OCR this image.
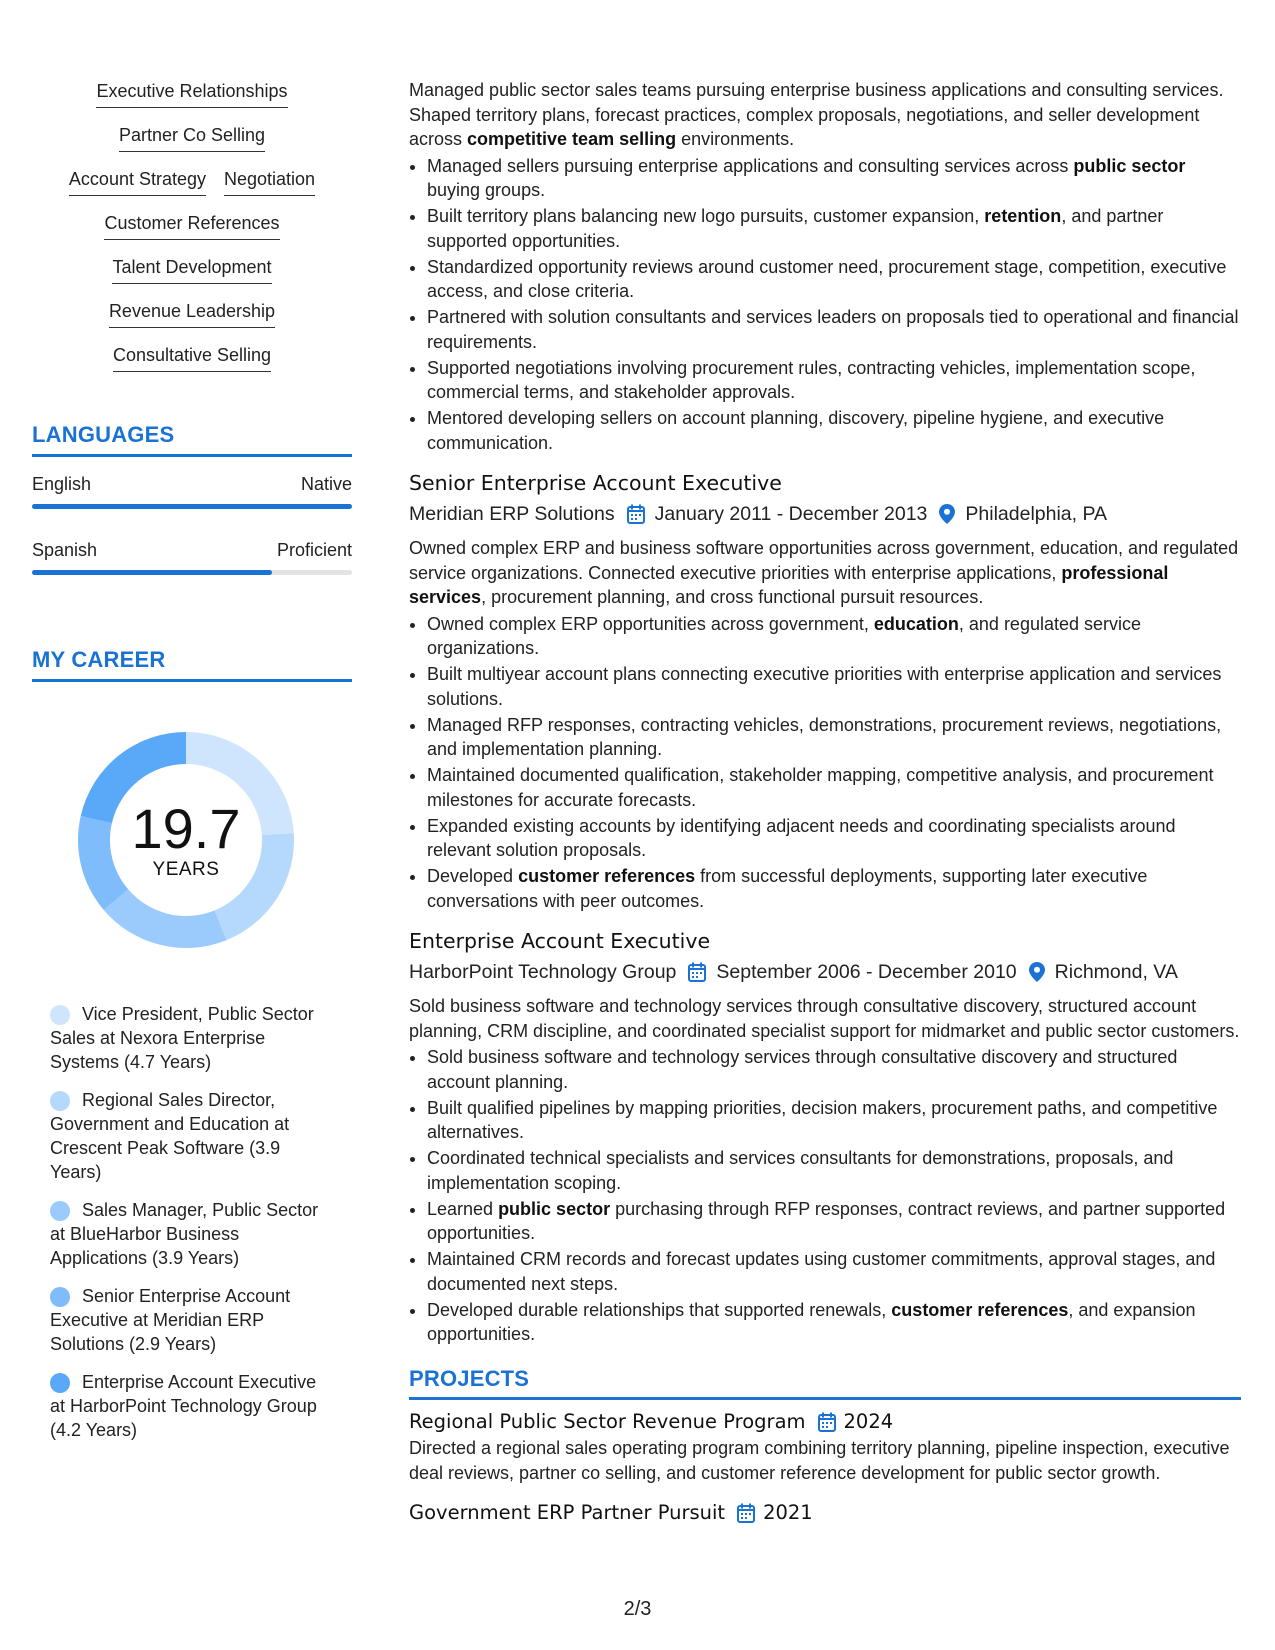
Executive Relationships
Partner Co Selling
Account Strategy Negotiation
Customer References
Talent Development
Revenue Leadership
Consultative Selling
LANGUAGES
English	Native
Spanish	Proficient
MY CAREER
19.7
YEARS
Vice President, Public Sector Sales at Nexora Enterprise Systems (4.7 Years)
Regional Sales Director, Government and Education at Crescent Peak Software (3.9 Years)
Sales Manager, Public Sector at BlueHarbor Business Applications (3.9 Years)
Senior Enterprise Account Executive at Meridian ERP Solutions (2.9 Years)
Enterprise Account Executive at HarborPoint Technology Group (4.2 Years)

Managed public sector sales teams pursuing enterprise business applications and consulting services. Shaped territory plans, forecast practices, complex proposals, negotiations, and seller development across competitive team selling environments.

• Managed sellers pursuing enterprise applications and consulting services across public sector buying groups.
• Built territory plans balancing new logo pursuits, customer expansion, retention, and partner supported opportunities.
• Standardized opportunity reviews around customer need, procurement stage, competition, executive access, and close criteria.
• Partnered with solution consultants and services leaders on proposals tied to operational and financial requirements.
• Supported negotiations involving procurement rules, contracting vehicles, implementation scope, commercial terms, and stakeholder approvals.
• Mentored developing sellers on account planning, discovery, pipeline hygiene, and executive communication.
Senior Enterprise Account Executive
Meridian ERP Solutions January 2011 - December 2013 Philadelphia, PA

Owned complex ERP and business software opportunities across government, education, and regulated service organizations. Connected executive priorities with enterprise applications, professional services, procurement planning, and cross functional pursuit resources.

• Owned complex ERP opportunities across government, education, and regulated service organizations.
• Built multiyear account plans connecting executive priorities with enterprise application and services solutions.
• Managed RFP responses, contracting vehicles, demonstrations, procurement reviews, negotiations, and implementation planning.
• Maintained documented qualification, stakeholder mapping, competitive analysis, and procurement milestones for accurate forecasts.
• Expanded existing accounts by identifying adjacent needs and coordinating specialists around relevant solution proposals.
• Developed customer references from successful deployments, supporting later executive conversations with peer outcomes.
Enterprise Account Executive
HarborPoint Technology Group September 2006 - December 2010 Richmond, VA

Sold business software and technology services through consultative discovery, structured account planning, CRM discipline, and coordinated specialist support for midmarket and public sector customers.

• Sold business software and technology services through consultative discovery and structured account planning.
• Built qualified pipelines by mapping priorities, decision makers, procurement paths, and competitive alternatives.
• Coordinated technical specialists and services consultants for demonstrations, proposals, and implementation scoping.
• Learned public sector purchasing through RFP responses, contract reviews, and partner supported opportunities.
• Maintained CRM records and forecast updates using customer commitments, approval stages, and documented next steps.
• Developed durable relationships that supported renewals, customer references, and expansion opportunities.
PROJECTS
Regional Public Sector Revenue Program 2024

Directed a regional sales operating program combining territory planning, pipeline inspection, executive deal reviews, partner co selling, and customer reference development for public sector growth.

Government ERP Partner Pursuit 2021
2/3
